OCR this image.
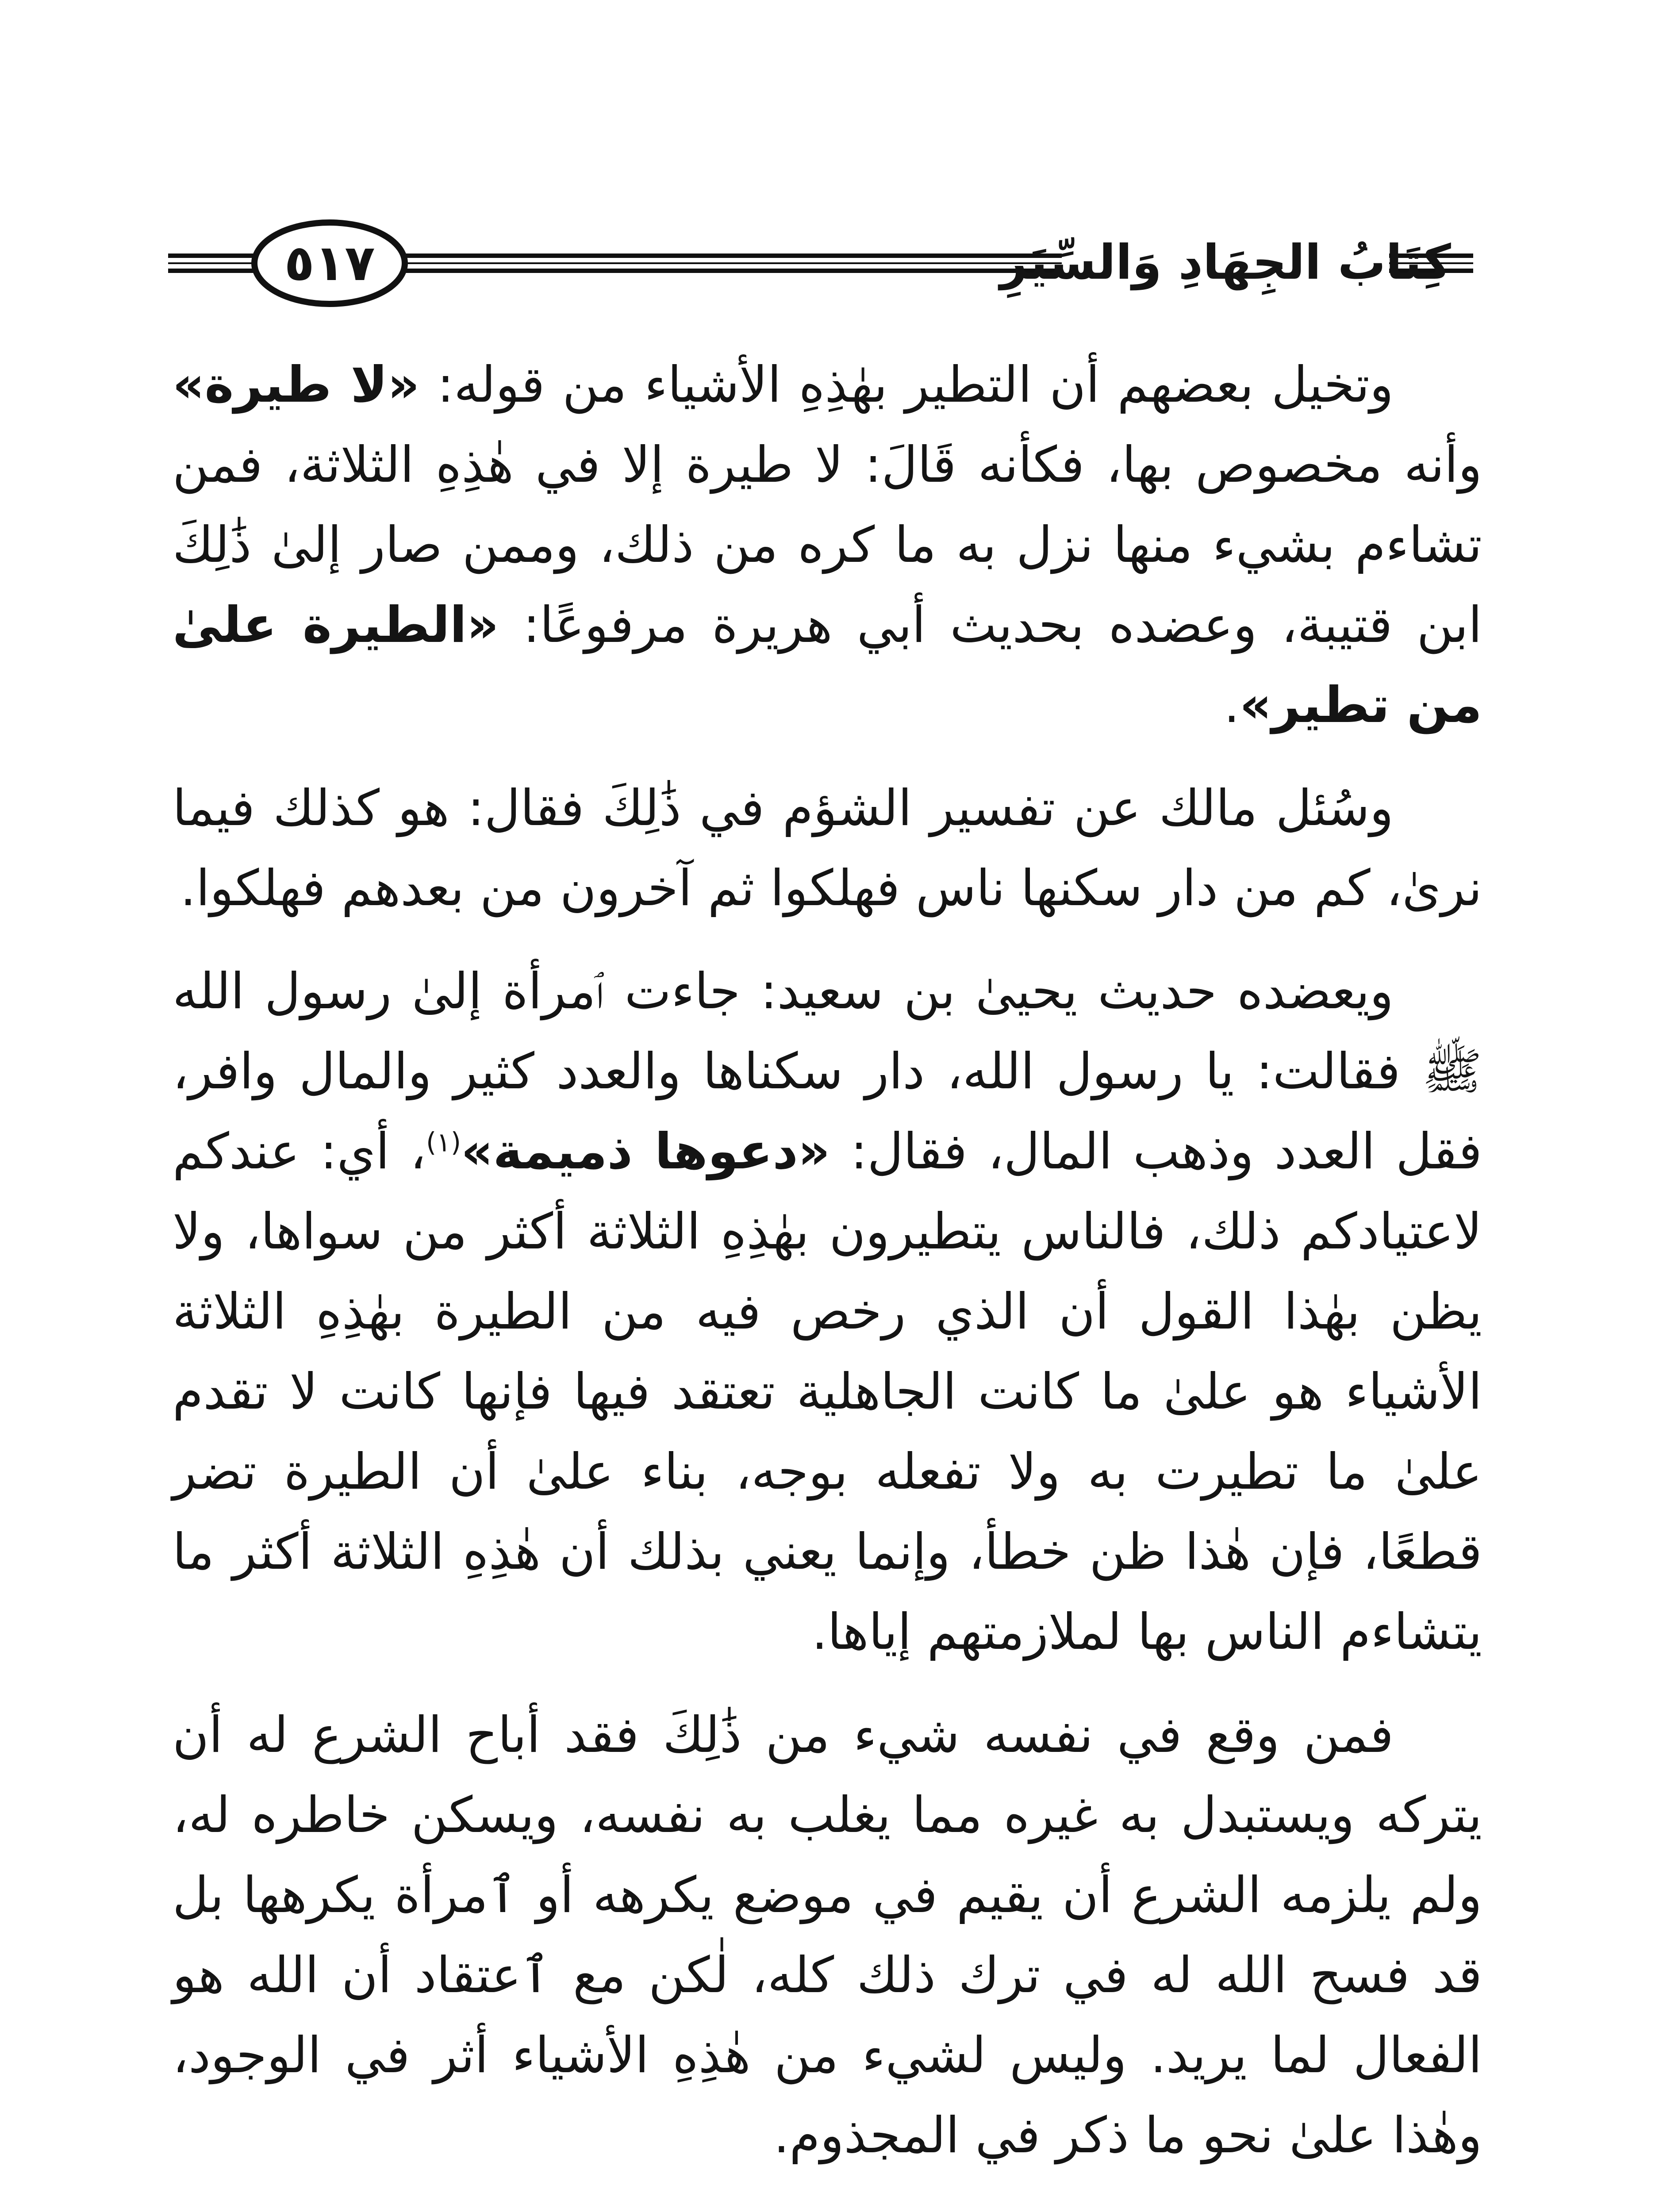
٥١٧	كِتَابُ الجِهَادِ وَالسِّيَرِ

وتخيل بعضهم أن التطير بهٰذِهِ الأشياء من قوله: «لا طيرة» وأنه مخصوص بها، فكأنه قَالَ: لا طيرة إلا في هٰذِهِ الثلاثة، فمن تشاءم بشيء منها نزل به ما كره من ذلك، وممن صار إلىٰ ذَٰلِكَ ابن قتيبة، وعضده بحديث أبي هريرة مرفوعًا: «الطيرة علىٰ من تطير».

وسُئل مالك عن تفسير الشؤم في ذَٰلِكَ فقال: هو كذلك فيما نرىٰ، كم من دار سكنها ناس فهلكوا ثم آخرون من بعدهم فهلكوا.

ويعضده حديث يحيىٰ بن سعيد: جاءت ٱمرأة إلىٰ رسول الله ﷺ فقالت: يا رسول الله، دار سكناها والعدد كثير والمال وافر، فقل العدد وذهب المال، فقال: «دعوها ذميمة»$^{(١)}$، أي: عندكم لاعتيادكم ذلك، فالناس يتطيرون بهٰذِهِ الثلاثة أكثر من سواها، ولا يظن بهٰذا القول أن الذي رخص فيه من الطيرة بهٰذِهِ الثلاثة الأشياء هو علىٰ ما كانت الجاهلية تعتقد فيها فإنها كانت لا تقدم علىٰ ما تطيرت به ولا تفعله بوجه، بناء علىٰ أن الطيرة تضر قطعًا، فإن هٰذا ظن خطأ، وإنما يعني بذلك أن هٰذِهِ الثلاثة أكثر ما يتشاءم الناس بها لملازمتهم إياها.

فمن وقع في نفسه شيء من ذَٰلِكَ فقد أباح الشرع له أن يتركه ويستبدل به غيره مما يغلب به نفسه، ويسكن خاطره له، ولم يلزمه الشرع أن يقيم في موضع يكرهه أو ٱمرأة يكرهها بل قد فسح الله له في ترك ذلك كله، لٰكن مع ٱعتقاد أن الله هو الفعال لما يريد. وليس لشيء من هٰذِهِ الأشياء أثر في الوجود، وهٰذا علىٰ نحو ما ذكر في المجذوم.
